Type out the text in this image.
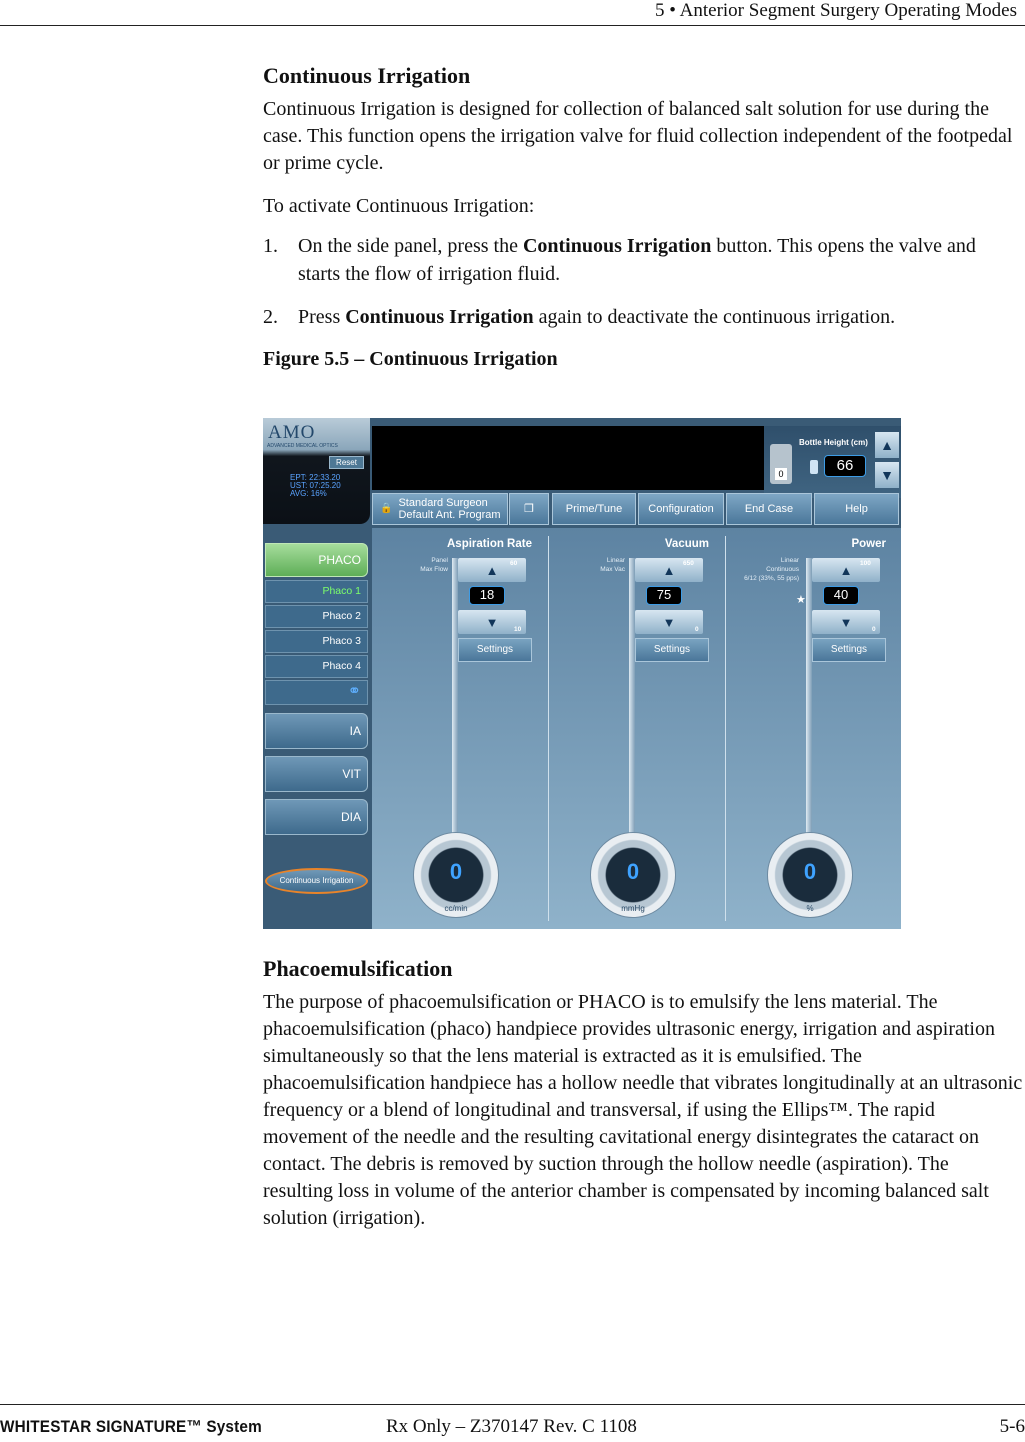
5 • Anterior Segment Surgery Operating Modes
Continuous Irrigation

Continuous Irrigation is designed for collection of balanced salt solution for use during the case. This function opens the irrigation valve for fluid collection independent of the footpedal or prime cycle.

To activate Continuous Irrigation:

1. On the side panel, press the Continuous Irrigation button. This opens the valve and starts the flow of irrigation fluid.
2. Press Continuous Irrigation again to deactivate the continuous irrigation.

Figure 5.5 – Continuous Irrigation

AMO
ADVANCED MEDICAL OPTICS
Reset
EPT: 22:33.20
UST: 07:25.20
AVG: 16%
0
Bottle Height (cm)
66
▲
▼
🔒 Standard Surgeon
Default Ant. Program ❐	Prime/Tune	Configuration	End Case	Help
PHACO
Phaco 1
Phaco 2
Phaco 3
Phaco 4
⚭
IA
VIT
DIA
Continuous Irrigation
Aspiration Rate
Panel
Max Flow	▲ 60
18
▼ 10
Settings
0
cc/min
Vacuum
Linear
Max Vac	▲ 650
75
▼	0
Settings
0
mmHg
Power
Linear
Continuous
6/12 (33%, 55 pps)
★
▲ 100
40
▼	0
Settings
0
%
Phacoemulsification

The purpose of phacoemulsification or PHACO is to emulsify the lens material. The phacoemulsification (phaco) handpiece provides ultrasonic energy, irrigation and aspiration simultaneously so that the lens material is extracted as it is emulsified. The phacoemulsification handpiece has a hollow needle that vibrates longitudinally at an ultrasonic frequency or a blend of longitudinal and transversal, if using the Ellips™. The rapid movement of the needle and the resulting cavitational energy disintegrates the cataract on contact. The debris is removed by suction through the hollow needle (aspiration). The resulting loss in volume of the anterior chamber is compensated by incoming balanced salt solution (irrigation).

WHITESTAR SIGNATURE™ System	Rx Only – Z370147 Rev. C 1108	5-6
